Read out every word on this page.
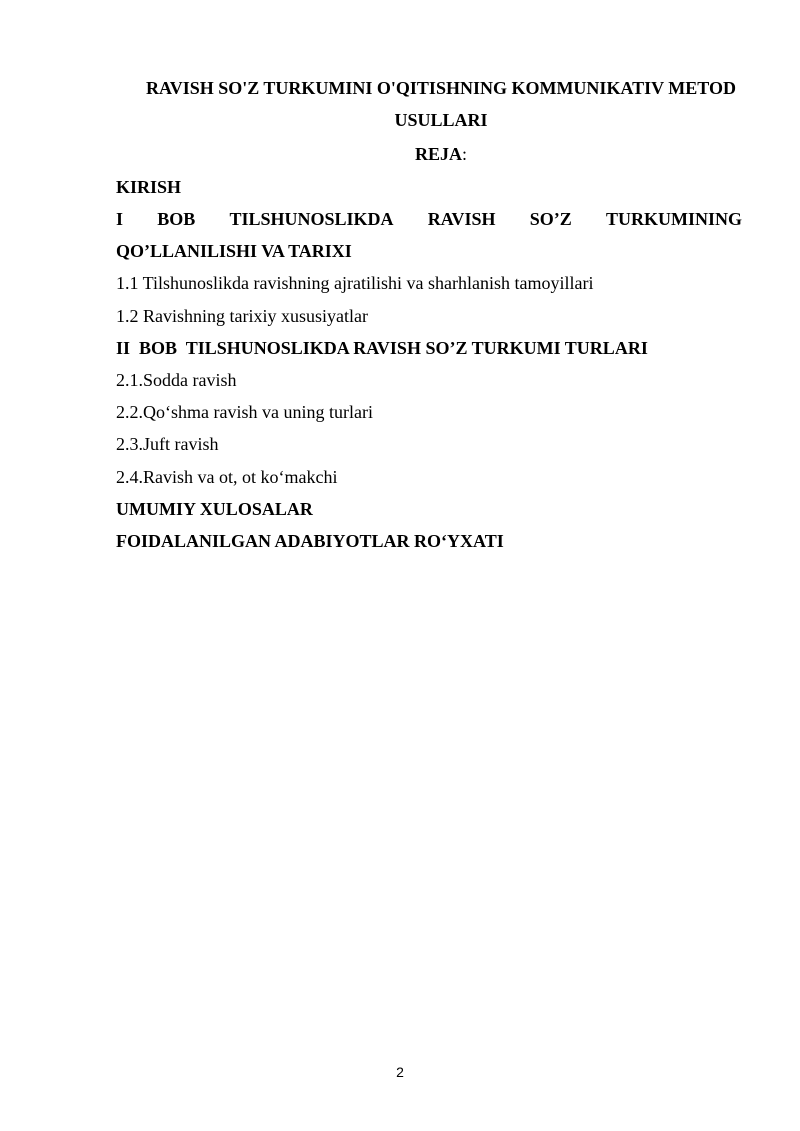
RAVISH SO'Z TURKUMINI O'QITISHNING KOMMUNIKATIV METOD
USULLARI
REJA:
KIRISH
I BOB TILSHUNOSLIKDA RAVISH SO’Z TURKUMINING
QO’LLANILISHI VA TARIXI
1.1 Tilshunoslikda ravishning ajratilishi va sharhlanish tamoyillari
1.2 Ravishning tarixiy xususiyatlar
II  BOB  TILSHUNOSLIKDA RAVISH SO’Z TURKUMI TURLARI
2.1.Sodda ravish
2.2.Qo‘shma ravish va uning turlari
2.3.Juft ravish
2.4.Ravish va ot, ot ko‘makchi
UMUMIY XULOSALAR
FOIDALANILGAN ADABIYOTLAR RO‘YXATI
2
